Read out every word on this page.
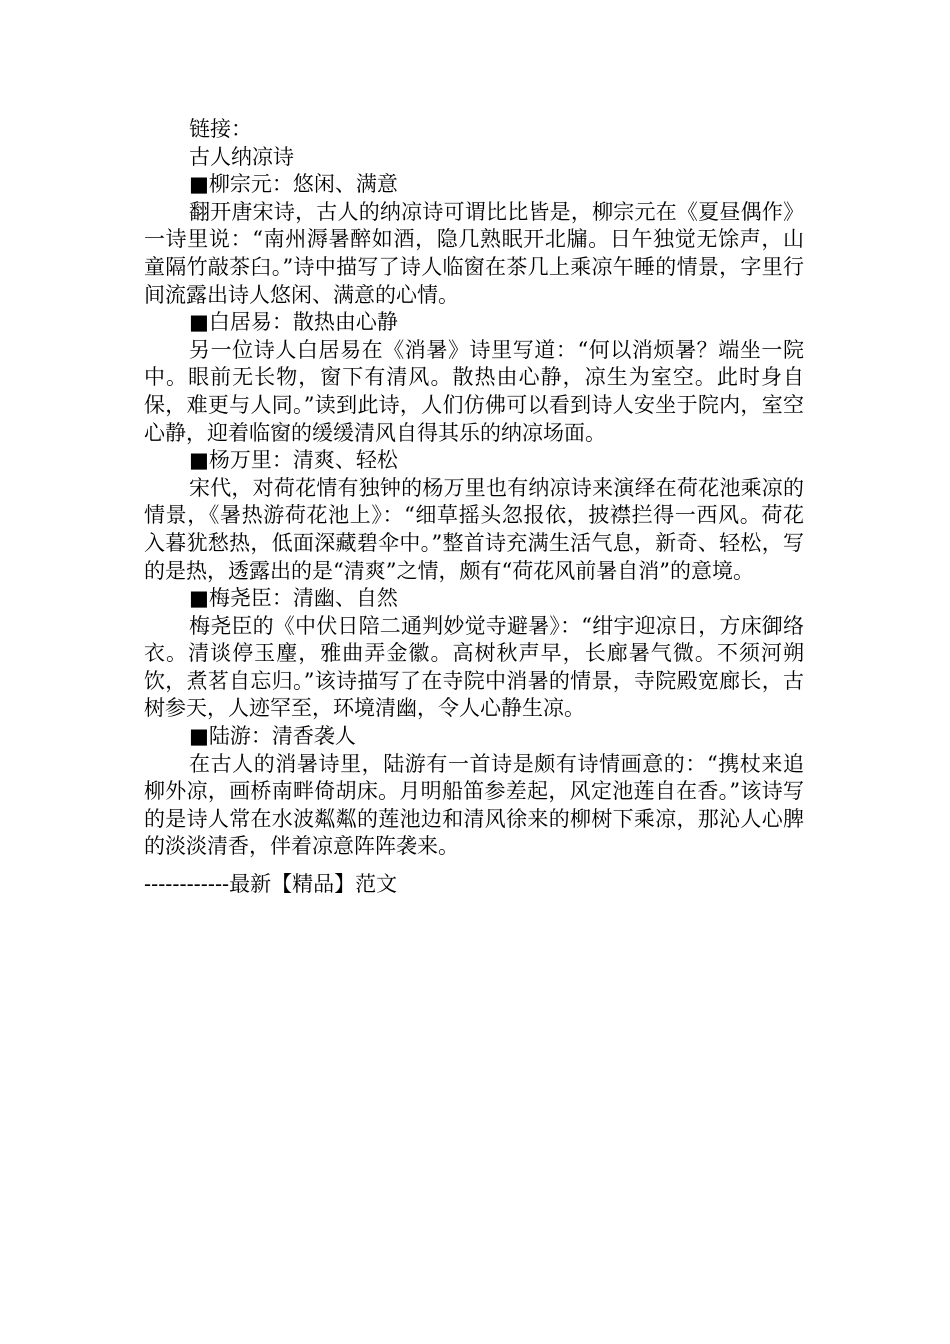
链接：
古人纳凉诗
■柳宗元：悠闲、满意

翻开唐宋诗，古人的纳凉诗可谓比比皆是，柳宗元在《夏昼偶作》一诗里说：“南州溽暑醉如酒，隐几熟眠开北牖。日午独觉无馀声，山童隔竹敲茶臼。”诗中描写了诗人临窗在茶几上乘凉午睡的情景，字里行间流露出诗人悠闲、满意的心情。

■白居易：散热由心静

另一位诗人白居易在《消暑》诗里写道：“何以消烦暑？端坐一院中。眼前无长物，窗下有清风。散热由心静，凉生为室空。此时身自保，难更与人同。”读到此诗，人们仿佛可以看到诗人安坐于院内，室空心静，迎着临窗的缓缓清风自得其乐的纳凉场面。

■杨万里：清爽、轻松

宋代，对荷花情有独钟的杨万里也有纳凉诗来演绎在荷花池乘凉的情景，《暑热游荷花池上》：“细草摇头忽报依，披襟拦得一西风。荷花入暮犹愁热，低面深藏碧伞中。”整首诗充满生活气息，新奇、轻松，写的是热，透露出的是“清爽”之情，颇有“荷花风前暑自消”的意境。

■梅尧臣：清幽、自然

梅尧臣的《中伏日陪二通判妙觉寺避暑》：“绀宇迎凉日，方床御络衣。清谈停玉麈，雅曲弄金徽。高树秋声早，长廊暑气微。不须河朔饮，煮茗自忘归。”该诗描写了在寺院中消暑的情景，寺院殿宽廊长，古树参天，人迹罕至，环境清幽，令人心静生凉。

■陆游：清香袭人

在古人的消暑诗里，陆游有一首诗是颇有诗情画意的：“携杖来追柳外凉，画桥南畔倚胡床。月明船笛参差起，风定池莲自在香。”该诗写的是诗人常在水波粼粼的莲池边和清风徐来的柳树下乘凉，那沁人心脾的淡淡清香，伴着凉意阵阵袭来。

------------最新【精品】范文
